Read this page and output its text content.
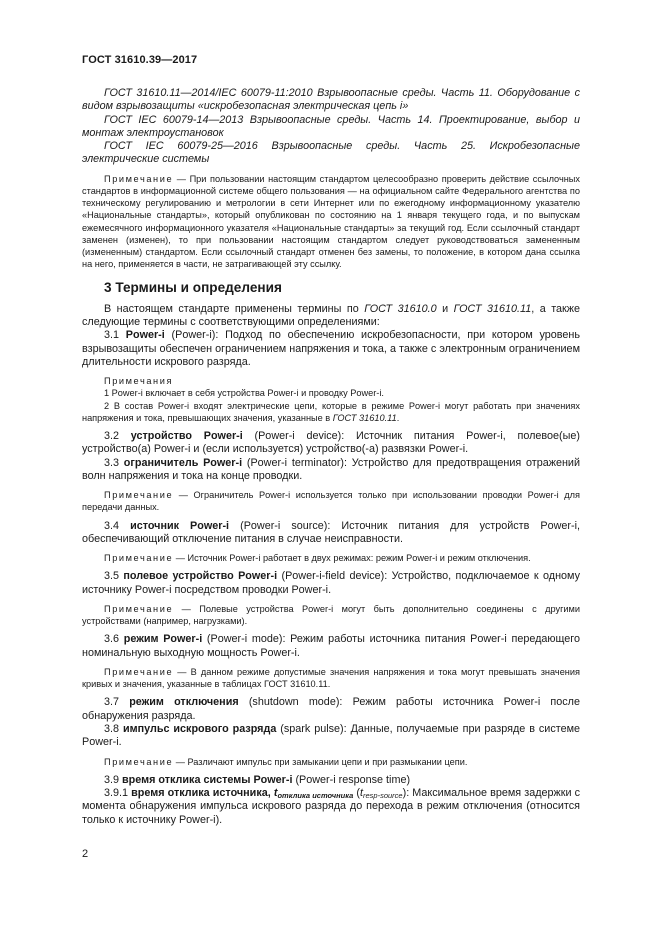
ГОСТ 31610.39—2017

ГОСТ 31610.11—2014/IEC 60079-11:2010 Взрывоопасные среды. Часть 11. Оборудование с видом взрывозащиты «искробезопасная электрическая цепь i»

ГОСТ IEC 60079-14—2013 Взрывоопасные среды. Часть 14. Проектирование, выбор и монтаж электроустановок

ГОСТ IEC 60079-25—2016 Взрывоопасные среды. Часть 25. Искробезопасные электрические системы

Примечание — При пользовании настоящим стандартом целесообразно проверить действие ссылочных стандартов в информационной системе общего пользования — на официальном сайте Федерального агентства по техническому регулированию и метрологии в сети Интернет или по ежегодному информационному указателю «Национальные стандарты», который опубликован по состоянию на 1 января текущего года, и по выпускам ежемесячного информационного указателя «Национальные стандарты» за текущий год. Если ссылочный стандарт заменен (изменен), то при пользовании настоящим стандартом следует руководствоваться замененным (измененным) стандартом. Если ссылочный стандарт отменен без замены, то положение, в котором дана ссылка на него, применяется в части, не затрагивающей эту ссылку.

3 Термины и определения

В настоящем стандарте применены термины по ГОСТ 31610.0 и ГОСТ 31610.11, а также следующие термины с соответствующими определениями:

3.1 Power-i (Power-i): Подход по обеспечению искробезопасности, при котором уровень взрывозащиты обеспечен ограничением напряжения и тока, а также с электронным ограничением длительности искрового разряда.

Примечания

1 Power-i включает в себя устройства Power-i и проводку Power-i.

2 В состав Power-i входят электрические цепи, которые в режиме Power-i могут работать при значениях напряжения и тока, превышающих значения, указанные в ГОСТ 31610.11.

3.2 устройство Power-i (Power-i device): Источник питания Power-i, полевое(ые) устройство(а) Power-i и (если используется) устройство(-а) развязки Power-i.

3.3 ограничитель Power-i (Power-i terminator): Устройство для предотвращения отражений волн напряжения и тока на конце проводки.

Примечание — Ограничитель Power-i используется только при использовании проводки Power-i для передачи данных.

3.4 источник Power-i (Power-i source): Источник питания для устройств Power-i, обеспечивающий отключение питания в случае неисправности.

Примечание — Источник Power-i работает в двух режимах: режим Power-i и режим отключения.

3.5 полевое устройство Power-i (Power-i-field device): Устройство, подключаемое к одному источнику Power-i посредством проводки Power-i.

Примечание — Полевые устройства Power-i могут быть дополнительно соединены с другими устройствами (например, нагрузками).

3.6 режим Power-i (Power-i mode): Режим работы источника питания Power-i передающего номинальную выходную мощность Power-i.

Примечание — В данном режиме допустимые значения напряжения и тока могут превышать значения кривых и значения, указанные в таблицах ГОСТ 31610.11.

3.7 режим отключения (shutdown mode): Режим работы источника Power-i после обнаружения разряда.

3.8 импульс искрового разряда (spark pulse): Данные, получаемые при разряде в системе Power-i.

Примечание — Различают импульс при замыкании цепи и при размыкании цепи.

3.9 время отклика системы Power-i (Power-i response time)

3.9.1 время отклика источника, $t_{отклика источника}$ $(t_{resp-source})$: Максимальное время задержки с момента обнаружения импульса искрового разряда до перехода в режим отключения (относится только к источнику Power-i).

2
